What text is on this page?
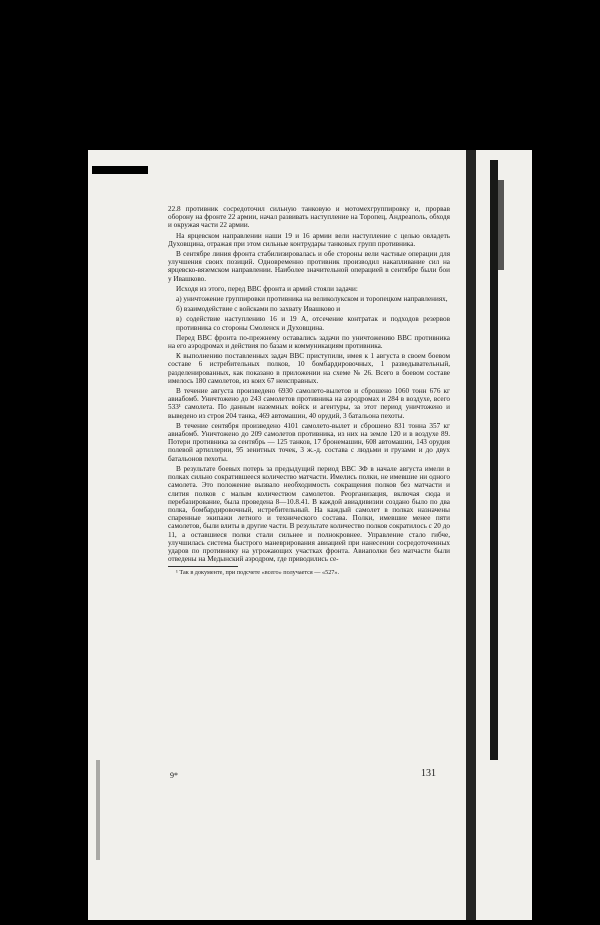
22.8 противник сосредоточил сильную танковую и мотомехгруппировку и, прорвав оборону на фронте 22 армии, начал развивать наступление на Торопец, Андреаполь, обходя и окружая части 22 армии.

На ярцевском направлении наши 19 и 16 армии вели наступление с целью овладеть Духовщина, отражая при этом сильные контрудары танковых групп противника.

В сентябре линия фронта стабилизировалась и обе стороны вели частные операции для улучшения своих позиций. Одновременно противник производил накапливание сил на ярцевско-вяземском направлении. Наиболее значительной операцией в сентябре были бои у Ивашково.

Исходя из этого, перед ВВС фронта и армий стояли задачи:

а) уничтожение группировки противника на великолукском и торопецком направлениях,

б) взаимодействие с войсками по захвату Ивашково и

в) содействие наступлению 16 и 19 А, отсечение контратак и подходов резервов противника со стороны Смоленск и Духовщина.

Перед ВВС фронта по-прежнему оставались задачи по уничтожению ВВС противника на его аэродромах и действия по базам и коммуникациям противника.

К выполнению поставленных задач ВВС приступили, имея к 1 августа в своем боевом составе 6 истребительных полков, 10 бомбардировочных, 1 разведывательный, разделенированных, как показано в приложении на схеме № 26. Всего в боевом составе имелось 180 самолетов, из коих 67 неисправных.

В течение августа произведено 6930 самолето-вылетов и сброшено 1060 тонн 676 кг авиабомб. Уничтожено до 243 самолетов противника на аэродромах и 284 в воздухе, всего 533¹ самолета. По данным наземных войск и агентуры, за этот период уничтожено и выведено из строя 204 танка, 469 автомашин, 40 орудий, 3 батальона пехоты.

В течение сентября произведено 4101 самолето-вылет и сброшено 831 тонна 357 кг авиабомб. Уничтожено до 209 самолетов противника, из них на земле 120 и в воздухе 89. Потери противника за сентябрь — 125 танков, 17 бронемашин, 608 автомашин, 143 орудия полевой артиллерии, 95 зенитных точек, 3 ж.-д. состава с людьми и грузами и до двух батальонов пехоты.

В результате боевых потерь за предыдущий период ВВС ЗФ в начале августа имели в полках сильно сократившееся количество матчасти. Имелись полки, не имевшие ни одного самолета. Это положение вызвало необходимость сокращения полков без матчасти и слития полков с малым количеством самолетов. Реорганизация, включая сюда и перебазирование, была проведена 8—10.8.41. В каждой авиадивизии создано было по два полка, бомбардировочный, истребительный. На каждый самолет в полках назначены спаренные экипажи летного и технического состава. Полки, имевшие менее пяти самолетов, были влиты в другие части. В результате количество полков сократилось с 20 до 11, а оставшиеся полки стали сильнее и полнокровнее. Управление стало гибче, улучшилась система быстрого маневрирования авиацией при нанесении сосредоточенных ударов по противнику на угрожающих участках фронта. Авиаполки без матчасти были отведены на Медынский аэродром, где приводились се-

¹ Так в документе, при подсчете «всего» получается — «527».

9*	131
